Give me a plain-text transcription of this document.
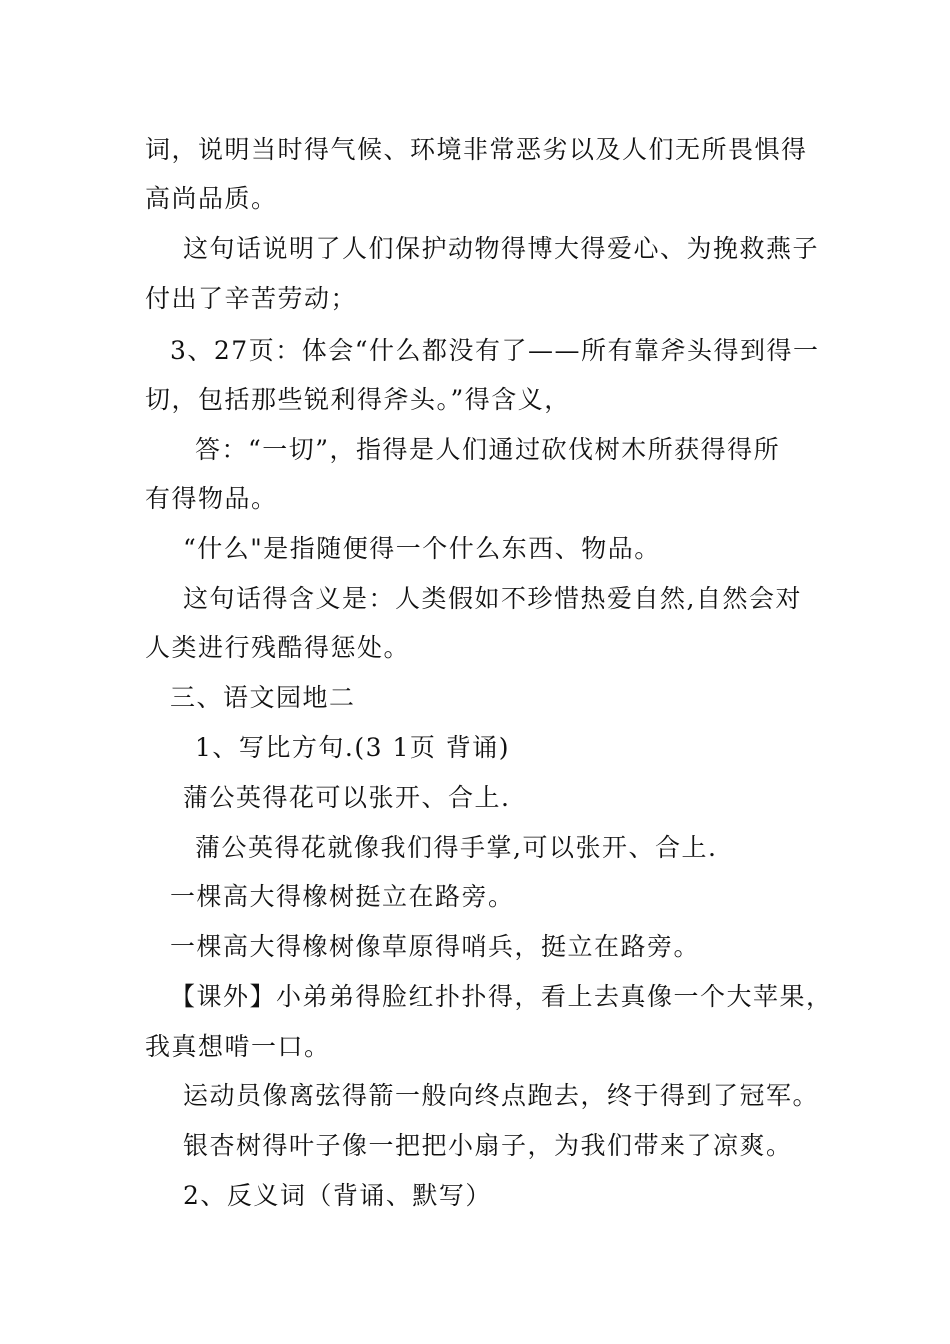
词，说明当时得气候、环境非常恶劣以及人们无所畏惧得
高尚品质。
这句话说明了人们保护动物得博大得爱心、为挽救燕子
付出了辛苦劳动；
3、27页：体会“什么都没有了——所有靠斧头得到得一
切，包括那些锐利得斧头。”得含义，
答：“一切”，指得是人们通过砍伐树木所获得得所
有得物品。
“什么"是指随便得一个什么东西、物品。
这句话得含义是：人类假如不珍惜热爱自然,自然会对
人类进行残酷得惩处。
三、语文园地二
1、写比方句.(3 1页 背诵)
蒲公英得花可以张开、合上.
蒲公英得花就像我们得手掌,可以张开、合上.
一棵高大得橡树挺立在路旁。
一棵高大得橡树像草原得哨兵，挺立在路旁。
【课外】小弟弟得脸红扑扑得，看上去真像一个大苹果，
我真想啃一口。
运动员像离弦得箭一般向终点跑去，终于得到了冠军。
银杏树得叶子像一把把小扇子，为我们带来了凉爽。
2、反义词（背诵、默写）
